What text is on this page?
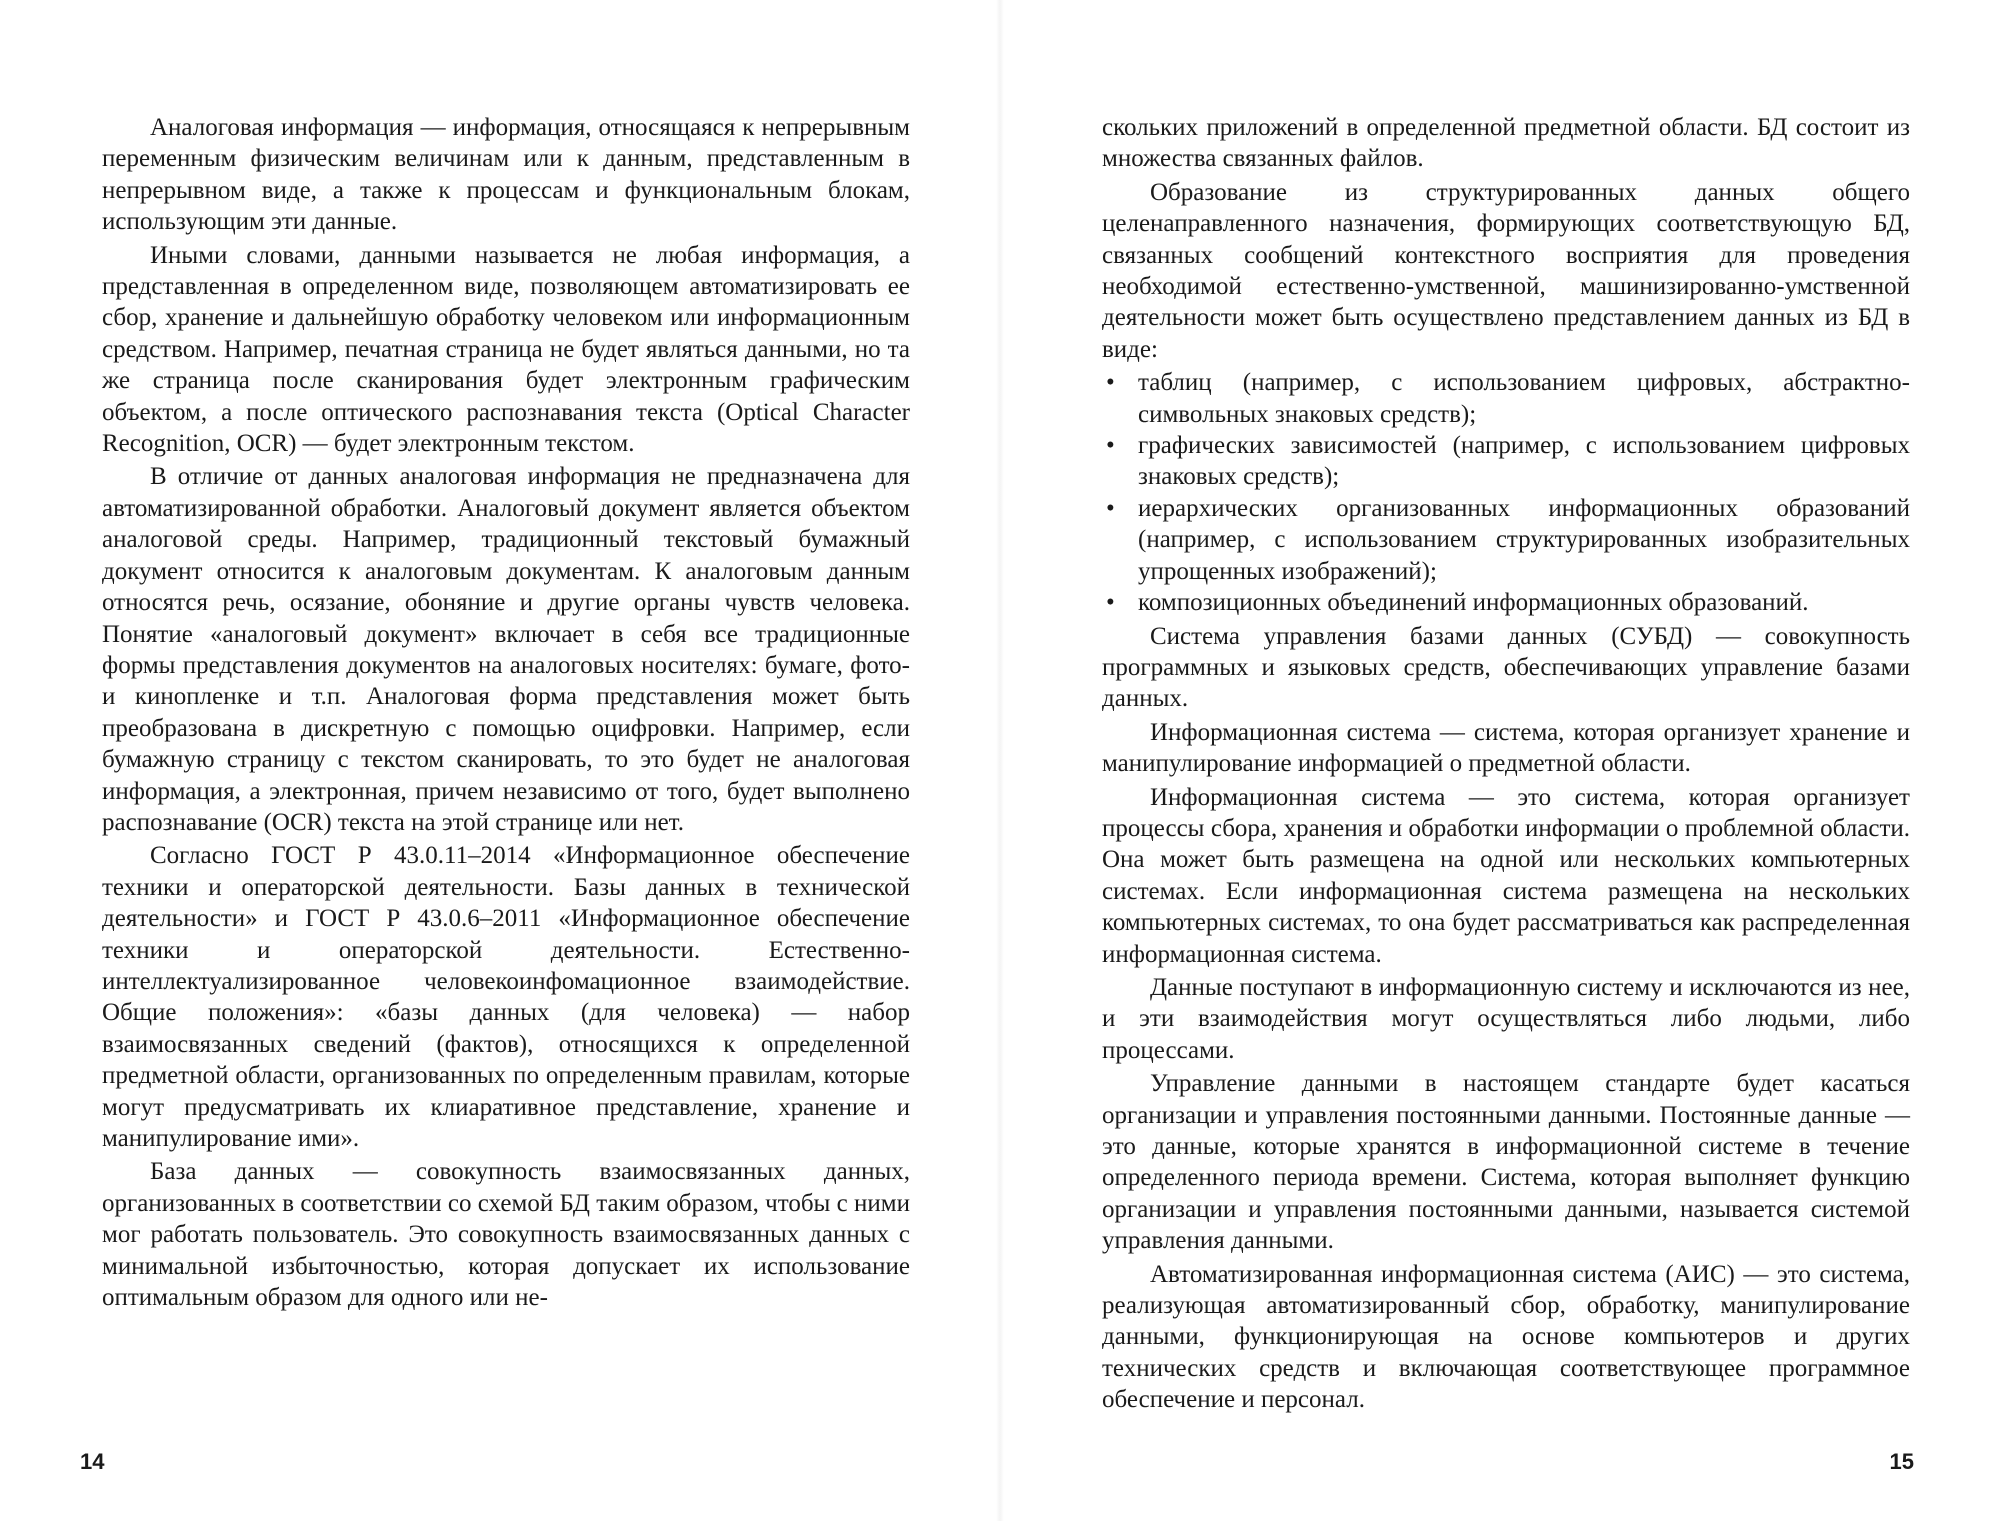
Аналоговая информация — информация, относящаяся к непрерывным переменным физическим величинам или к данным, представленным в непрерывном виде, а также к процессам и функциональным блокам, использующим эти данные.

Иными словами, данными называется не любая информация, а представленная в определенном виде, позволяющем автоматизировать ее сбор, хранение и дальнейшую обработку человеком или информационным средством. Например, печатная страница не будет являться данными, но та же страница после сканирования будет электронным графическим объектом, а после оптического распознавания текста (Optical Character Recognition, OCR) — будет электронным текстом.

В отличие от данных аналоговая информация не предназначена для автоматизированной обработки. Аналоговый документ является объектом аналоговой среды. Например, традиционный текстовый бумажный документ относится к аналоговым документам. К аналоговым данным относятся речь, осязание, обоняние и другие органы чувств человека. Понятие «аналоговый документ» включает в себя все традиционные формы представления документов на аналоговых носителях: бумаге, фото- и кинопленке и т.п. Аналоговая форма представления может быть преобразована в дискретную с помощью оцифровки. Например, если бумажную страницу с текстом сканировать, то это будет не аналоговая информация, а электронная, причем независимо от того, будет выполнено распознавание (OCR) текста на этой странице или нет.

Согласно ГОСТ Р 43.0.11–2014 «Информационное обеспечение техники и операторской деятельности. Базы данных в технической деятельности» и ГОСТ Р 43.0.6–2011 «Информационное обеспечение техники и операторской деятельности. Естественно-интеллектуализированное человекоинфомационное взаимодействие. Общие положения»: «базы данных (для человека) — набор взаимосвязанных сведений (фактов), относящихся к определенной предметной области, организованных по определенным правилам, которые могут предусматривать их клиаративное представление, хранение и манипулирование ими».

База данных — совокупность взаимосвязанных данных, организованных в соответствии со схемой БД таким образом, чтобы с ними мог работать пользователь. Это совокупность взаимосвязанных данных с минимальной избыточностью, которая допускает их использование оптимальным образом для одного или не-

14

скольких приложений в определенной предметной области. БД состоит из множества связанных файлов.

Образование из структурированных данных общего целенаправленного назначения, формирующих соответствующую БД, связанных сообщений контекстного восприятия для проведения необходимой естественно-умственной, машинизированно-умственной деятельности может быть осуществлено представлением данных из БД в виде:

• таблиц (например, с использованием цифровых, абстрактно-символьных знаковых средств);
• графических зависимостей (например, с использованием цифровых знаковых средств);
• иерархических организованных информационных образований (например, с использованием структурированных изобразительных упрощенных изображений);
• композиционных объединений информационных образований.

Система управления базами данных (СУБД) — совокупность программных и языковых средств, обеспечивающих управление базами данных.

Информационная система — система, которая организует хранение и манипулирование информацией о предметной области.

Информационная система — это система, которая организует процессы сбора, хранения и обработки информации о проблемной области. Она может быть размещена на одной или нескольких компьютерных системах. Если информационная система размещена на нескольких компьютерных системах, то она будет рассматриваться как распределенная информационная система.

Данные поступают в информационную систему и исключаются из нее, и эти взаимодействия могут осуществляться либо людьми, либо процессами.

Управление данными в настоящем стандарте будет касаться организации и управления постоянными данными. Постоянные данные — это данные, которые хранятся в информационной системе в течение определенного периода времени. Система, которая выполняет функцию организации и управления постоянными данными, называется системой управления данными.

Автоматизированная информационная система (АИС) — это система, реализующая автоматизированный сбор, обработку, манипулирование данными, функционирующая на основе компьютеров и других технических средств и включающая соответствующее программное обеспечение и персонал.

15
